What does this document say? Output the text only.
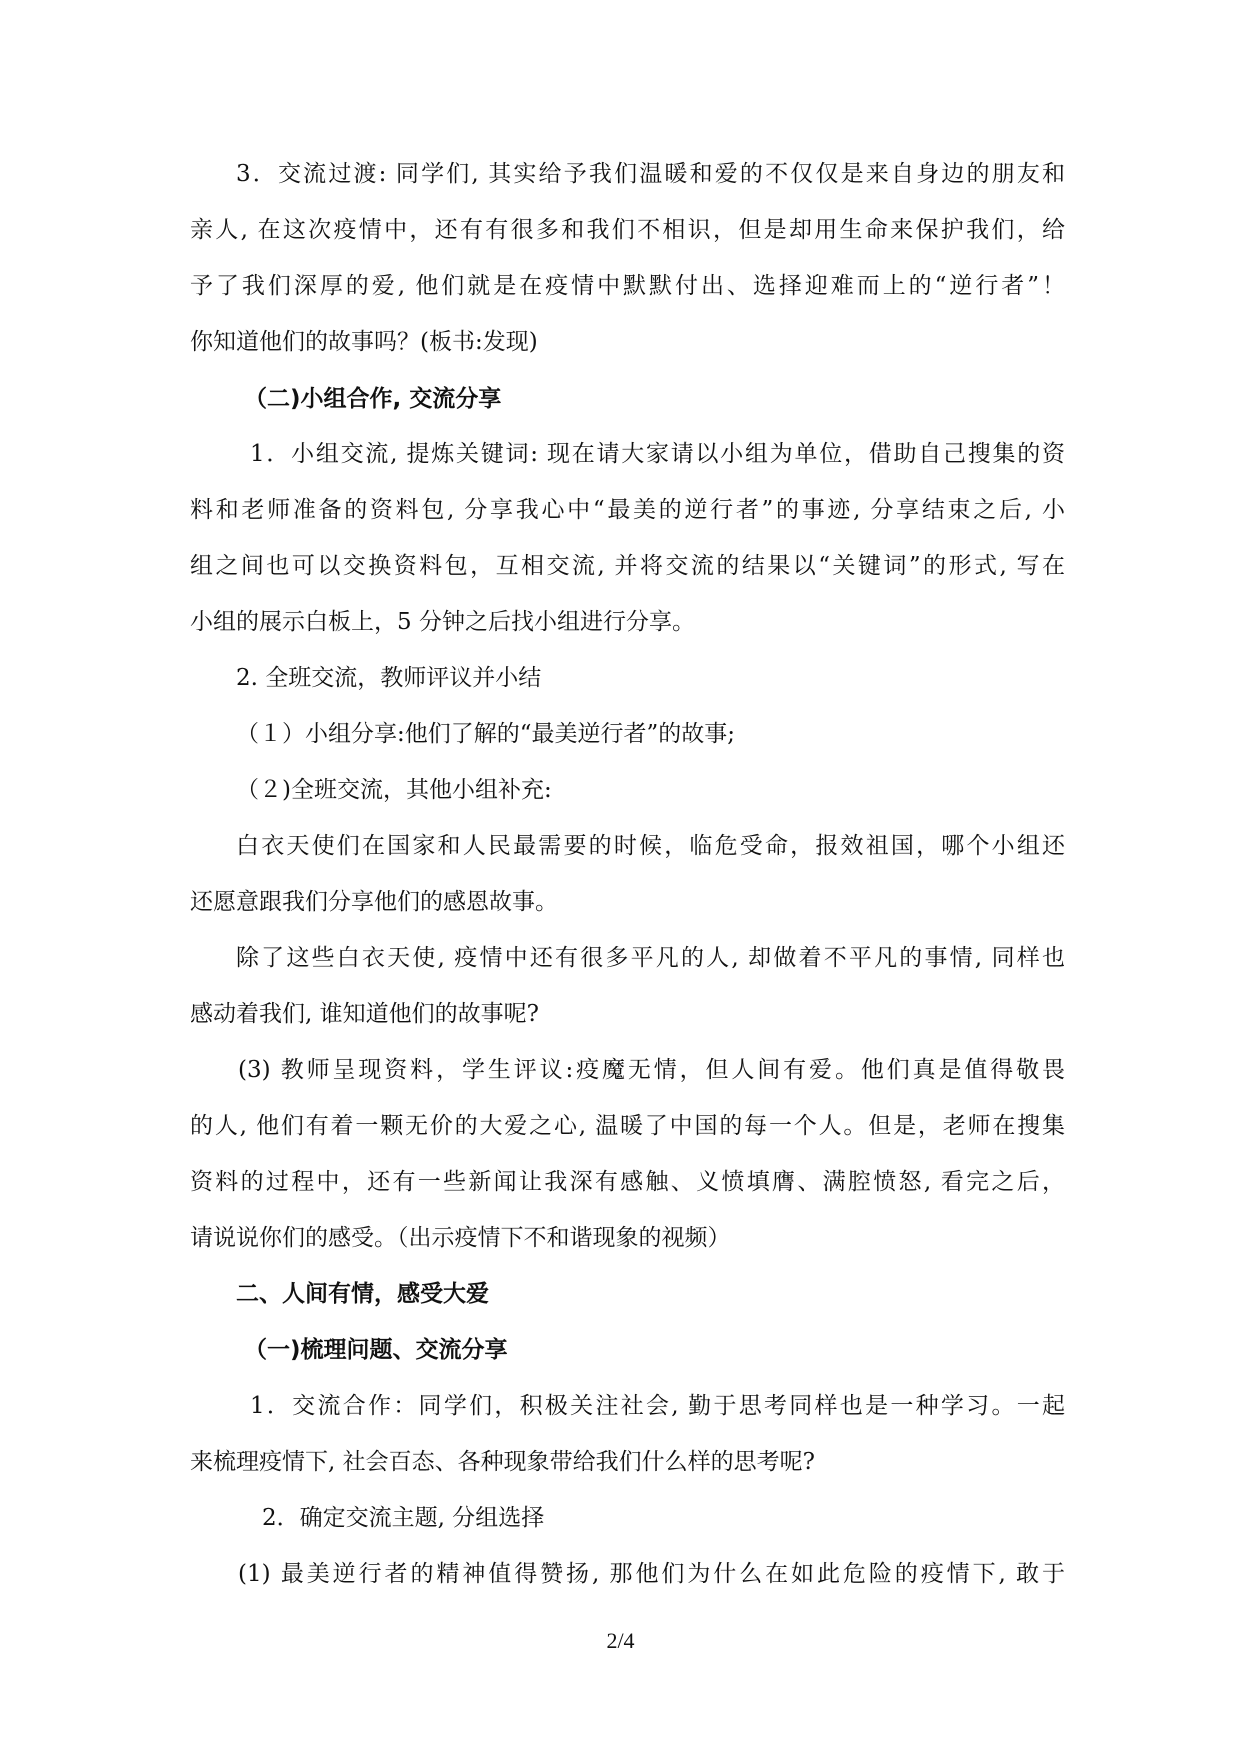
3．交流过渡: 同学们, 其实给予我们温暖和爱的不仅仅是来自身边的朋友和
亲人, 在这次疫情中，还有有很多和我们不相识，但是却用生命来保护我们，给
予了我们深厚的爱, 他们就是在疫情中默默付出、选择迎难而上的“逆行者”！
你知道他们的故事吗？(板书:发现)
（二)小组合作, 交流分享
1．小组交流, 提炼关键词: 现在请大家请以小组为单位，借助自己搜集的资
料和老师准备的资料包, 分享我心中“最美的逆行者”的事迹, 分享结束之后, 小
组之间也可以交换资料包，互相交流, 并将交流的结果以“关键词”的形式, 写在
小组的展示白板上，5 分钟之后找小组进行分享。
2. 全班交流，教师评议并小结
（１）小组分享:他们了解的“最美逆行者”的故事;
（２)全班交流，其他小组补充:
白衣天使们在国家和人民最需要的时候，临危受命，报效祖国，哪个小组还
还愿意跟我们分享他们的感恩故事。
除了这些白衣天使, 疫情中还有很多平凡的人, 却做着不平凡的事情, 同样也
感动着我们, 谁知道他们的故事呢?
(3) 教师呈现资料，学生评议:疫魔无情，但人间有爱。他们真是值得敬畏
的人, 他们有着一颗无价的大爱之心, 温暖了中国的每一个人。但是，老师在搜集
资料的过程中，还有一些新闻让我深有感触、义愤填膺、满腔愤怒, 看完之后，
请说说你们的感受。（出示疫情下不和谐现象的视频）
二、人间有情，感受大爱
（一)梳理问题、交流分享
1．交流合作：同学们，积极关注社会, 勤于思考同样也是一种学习。一起
来梳理疫情下, 社会百态、各种现象带给我们什么样的思考呢?
2．确定交流主题, 分组选择
(1) 最美逆行者的精神值得赞扬, 那他们为什么在如此危险的疫情下, 敢于
2/4
